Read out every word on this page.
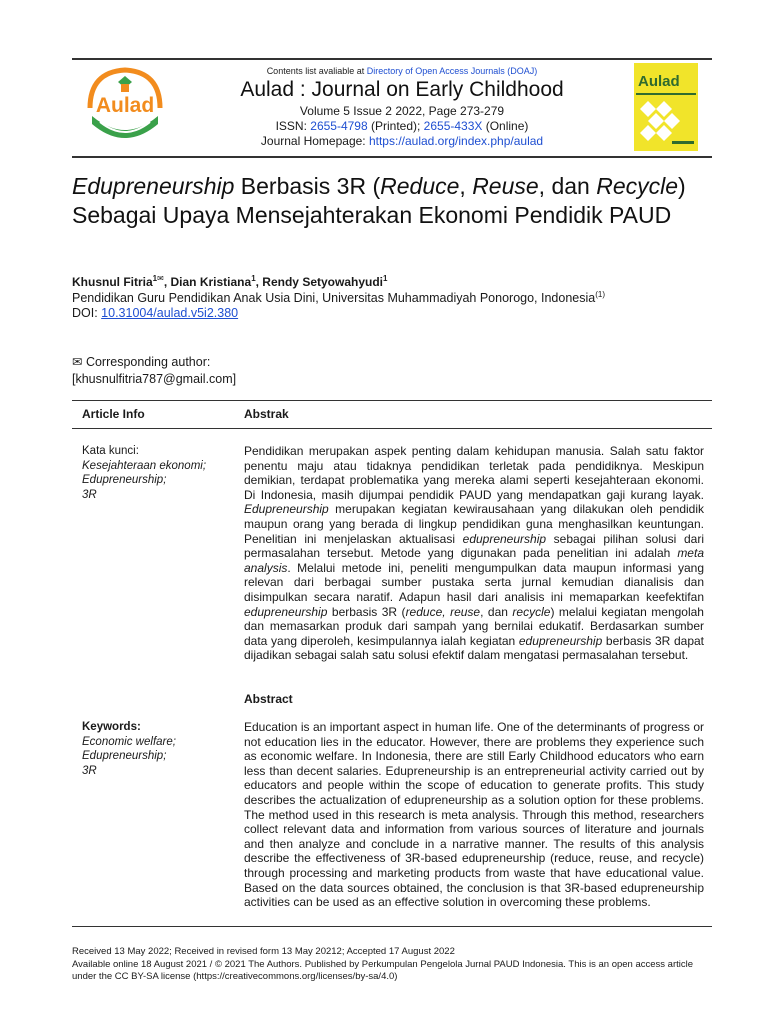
Aulad
Contents list avaliable at Directory of Open Access Journals (DOAJ)
Aulad : Journal on Early Childhood
Volume 5 Issue 2 2022, Page 273-279
ISSN: 2655-4798 (Printed); 2655-433X (Online)
Journal Homepage: https://aulad.org/index.php/aulad
Aulad
Edupreneurship Berbasis 3R (Reduce, Reuse, dan Recycle) Sebagai Upaya Mensejahterakan Ekonomi Pendidik PAUD
Khusnul Fitria$^{1✉}$, Dian Kristiana$^1$, Rendy Setyowahyudi$^1$
Pendidikan Guru Pendidikan Anak Usia Dini, Universitas Muhammadiyah Ponorogo, Indonesia$^{(1)}$
DOI: 10.31004/aulad.v5i2.380
✉ Corresponding author:
[khusnulfitria787@gmail.com]
Article Info	Abstrak
Kata kunci:
Kesejahteraan ekonomi;
Edupreneurship;
3R
Pendidikan merupakan aspek penting dalam kehidupan manusia. Salah satu faktor penentu maju atau tidaknya pendidikan terletak pada pendidiknya. Meskipun demikian, terdapat problematika yang mereka alami seperti kesejahteraan ekonomi. Di Indonesia, masih dijumpai pendidik PAUD yang mendapatkan gaji kurang layak. Edupreneurship merupakan kegiatan kewirausahaan yang dilakukan oleh pendidik maupun orang yang berada di lingkup pendidikan guna menghasilkan keuntungan. Penelitian ini menjelaskan aktualisasi edupreneurship sebagai pilihan solusi dari permasalahan tersebut. Metode yang digunakan pada penelitian ini adalah meta analysis. Melalui metode ini, peneliti mengumpulkan data maupun informasi yang relevan dari berbagai sumber pustaka serta jurnal kemudian dianalisis dan disimpulkan secara naratif. Adapun hasil dari analisis ini memaparkan keefektifan edupreneurship berbasis 3R (reduce, reuse, dan recycle) melalui kegiatan mengolah dan memasarkan produk dari sampah yang bernilai edukatif. Berdasarkan sumber data yang diperoleh, kesimpulannya ialah kegiatan edupreneurship berbasis 3R dapat dijadikan sebagai salah satu solusi efektif dalam mengatasi permasalahan tersebut.
Abstract
Keywords:
Economic welfare;
Edupreneurship;
3R
Education is an important aspect in human life. One of the determinants of progress or not education lies in the educator. However, there are problems they experience such as economic welfare. In Indonesia, there are still Early Childhood educators who earn less than decent salaries. Edupreneurship is an entrepreneurial activity carried out by educators and people within the scope of education to generate profits. This study describes the actualization of edupreneurship as a solution option for these problems. The method used in this research is meta analysis. Through this method, researchers collect relevant data and information from various sources of literature and journals and then analyze and conclude in a narrative manner. The results of this analysis describe the effectiveness of 3R-based edupreneurship (reduce, reuse, and recycle) through processing and marketing products from waste that have educational value. Based on the data sources obtained, the conclusion is that 3R-based edupreneurship activities can be used as an effective solution in overcoming these problems.
Received 13 May 2022; Received in revised form 13 May 20212; Accepted 17 August 2022
Available online 18 August 2021 / © 2021 The Authors. Published by Perkumpulan Pengelola Jurnal PAUD Indonesia. This is an open access article under the CC BY-SA license (https://creativecommons.org/licenses/by-sa/4.0)
